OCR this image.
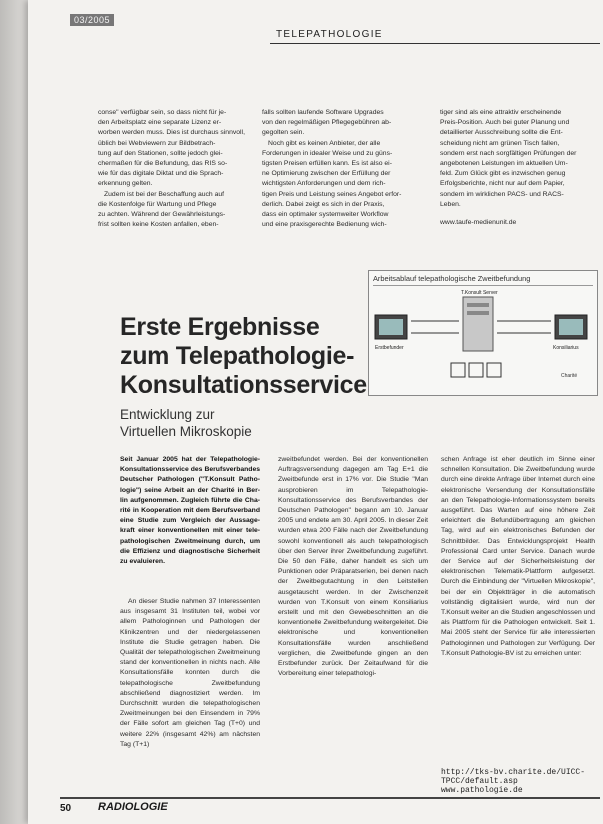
03/2005
TELEPATHOLOGIE
conse" verfügbar sein, so dass nicht für je-
den Arbeitsplatz eine separate Lizenz er-
worben werden muss. Dies ist durchaus sinnvoll,
üblich bei Webviewern zur Bildbetrach-
tung auf den Stationen, sollte jedoch glei-
chermaßen für die Befundung, das RIS so-
wie für das digitale Diktat und die Sprach-
erkennung gelten.
Zudem ist bei der Beschaffung auch auf
die Kostenfolge für Wartung und Pflege
zu achten. Während der Gewährleistungs-
frist sollten keine Kosten anfallen, eben-
falls sollten laufende Software Upgrades
von den regelmäßigen Pflegegebühren ab-
gegolten sein.
Noch gibt es keinen Anbieter, der alle
Forderungen in idealer Weise und zu güns-
tigsten Preisen erfüllen kann. Es ist also ei-
ne Optimierung zwischen der Erfüllung der
wichtigsten Anforderungen und dem rich-
tigen Preis und Leistung seines Angebot erfor-
derlich. Dabei zeigt es sich in der Praxis,
dass ein optimaler systemweiter Workflow
und eine praxisgerechte Bedienung wich-
tiger sind als eine attraktiv erscheinende
Preis-Position. Auch bei guter Planung und
detaillierter Ausschreibung sollte die Ent-
scheidung nicht am grünen Tisch fallen,
sondern erst nach sorgfältigen Prüfungen der
angebotenen Leistungen im aktuellen Um-
feld. Zum Glück gibt es inzwischen genug
Erfolgsberichte, nicht nur auf dem Papier,
sondern im wirklichen PACS- und RACS-
Leben.
www.taufe-medienunit.de
Arbeitsablauf telepathologische Zweitbefundung
T.Konsult Server
Erstbefunder	Konsiliarius
Charité
Erste Ergebnisse
zum Telepathologie-
Konsultationsservice
Entwicklung zur
Virtuellen Mikroskopie
Seit Januar 2005 hat der Telepathologie-Konsultationsservice des Berufsverbandes Deutscher Pathologen ("T.Konsult Patho-logie") seine Arbeit an der Charité in Ber-lin aufgenommen. Zugleich führte die Cha-rité in Kooperation mit dem Berufsverband eine Studie zum Vergleich der Aussage-kraft einer konventionellen mit einer tele-pathologischen Zweitmeinung durch, um die Effizienz und diagnostische Sicherheit zu evaluieren.
An dieser Studie nahmen 37 Interessenten aus insgesamt 31 Instituten teil, wobei vor allem Pathologinnen und Pathologen der Klinikzentren und der niedergelassenen Institute die Studie getragen haben. Die Qualität der telepathologischen Zweitmeinung stand der konventionellen in nichts nach. Alle Konsultationsfälle konnten durch die telepathologische Zweitbefundung abschließend diagnostiziert werden. Im Durchschnitt wurden die telepathologischen Zweitmeinungen bei den Einsendern in 79% der Fälle sofort am gleichen Tag (T+0) und weitere 22% (insgesamt 42%) am nächsten Tag (T+1)
zweitbefundet werden. Bei der konventionellen Auftragsversendung dagegen am Tag E+1 die Zweitbefunde erst in 17% vor. Die Studie "Man ausprobieren im Telepathologie-Konsultationsservice des Berufsverbandes der Deutschen Pathologen" begann am 10. Januar 2005 und endete am 30. April 2005. In dieser Zeit wurden etwa 200 Fälle nach der Zweitbefundung sowohl konventionell als auch telepathologisch über den Server ihrer Zweitbefundung zugeführt. Die 50 den Fälle, daher handelt es sich um Punktionen oder Präparatserien, bei denen nach der Zweitbegutachtung in den Leitstellen ausgetauscht werden. In der Zwischenzeit wurden von T.Konsult von einem Konsiliarius erstellt und mit den Gewebeschnitten an die konventionelle Zweitbefundung weitergeleitet. Die elektronische und konventionellen Konsultationsfälle wurden anschließend verglichen, die Zweitbefunde gingen an den Erstbefunder zurück. Der Zeitaufwand für die Vorbereitung einer telepathologi-
schen Anfrage ist eher deutlich im Sinne einer schnellen Konsultation. Die Zweitbefundung wurde durch eine direkte Anfrage über Internet durch eine elektronische Versendung der Konsultationsfälle an den Telepathologie-Informationssystem bereits ausgeführt. Das Warten auf eine höhere Zeit erleichtert die Befundübertragung am gleichen Tag, wird auf ein elektronisches Befunden der Schnittbilder. Das Entwicklungsprojekt Health Professional Card unter Service. Danach wurde der Service auf der Sicherheitsleistung der elektronischen Telematik-Plattform aufgesetzt. Durch die Einbindung der "Virtuellen Mikroskopie", bei der ein Objektträger in die automatisch vollständig digitalisiert wurde, wird nun der T.Konsult weiter an die Studien angeschlossen und als Plattform für die Pathologen entwickelt. Seit 1. Mai 2005 steht der Service für alle interessierten Pathologinnen und Pathologen zur Verfügung. Der T.Konsult Pathologie-BV ist zu erreichen unter:
http://tks-bv.charite.de/UICC-
TPCC/default.asp www.pathologie.de
50 RADIOLOGIE
